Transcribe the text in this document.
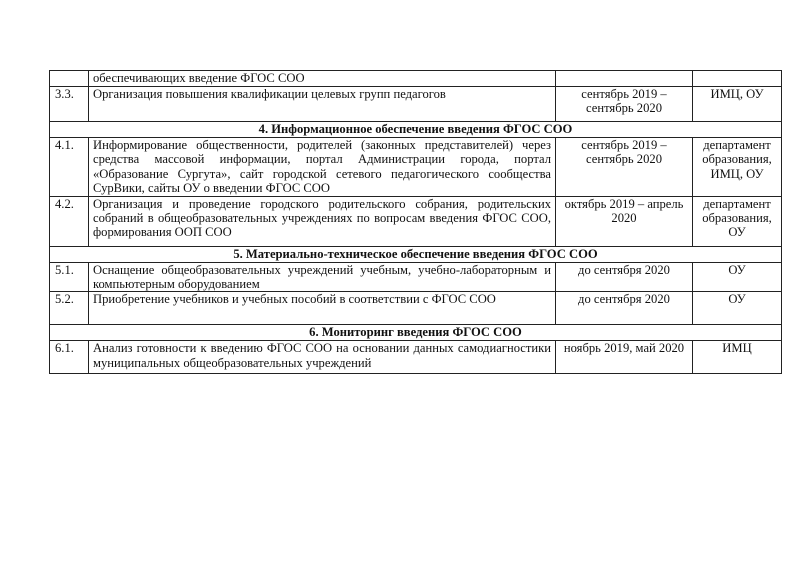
	обеспечивающих введение ФГОС СОО		
3.3.	Организация повышения квалификации целевых групп педагогов	сентябрь 2019 – сентябрь 2020	ИМЦ, ОУ
4. Информационное обеспечение введения ФГОС СОО			
4.1.	Информирование общественности, родителей (законных представителей) через средства массовой информации, портал Администрации города, портал «Образование Сургута», сайт городской сетевого педагогического сообщества СурВики, сайты ОУ о введении ФГОС СОО	сентябрь 2019 – сентябрь 2020	департамент образования, ИМЦ, ОУ
4.2.	Организация и проведение городского родительского собрания, родительских собраний в общеобразовательных учреждениях по вопросам введения ФГОС СОО, формирования ООП СОО	октябрь 2019 – апрель 2020	департамент образования, ОУ
5. Материально-техническое обеспечение введения ФГОС СОО			
5.1.	Оснащение общеобразовательных учреждений учебным, учебно-лабораторным и компьютерным оборудованием	до сентября 2020	ОУ
5.2.	Приобретение учебников и учебных пособий в соответствии с ФГОС СОО	до сентября 2020	ОУ
6. Мониторинг введения ФГОС СОО			
6.1.	Анализ готовности к введению ФГОС СОО на основании данных самодиагностики муниципальных общеобразовательных учреждений	ноябрь 2019, май 2020	ИМЦ
